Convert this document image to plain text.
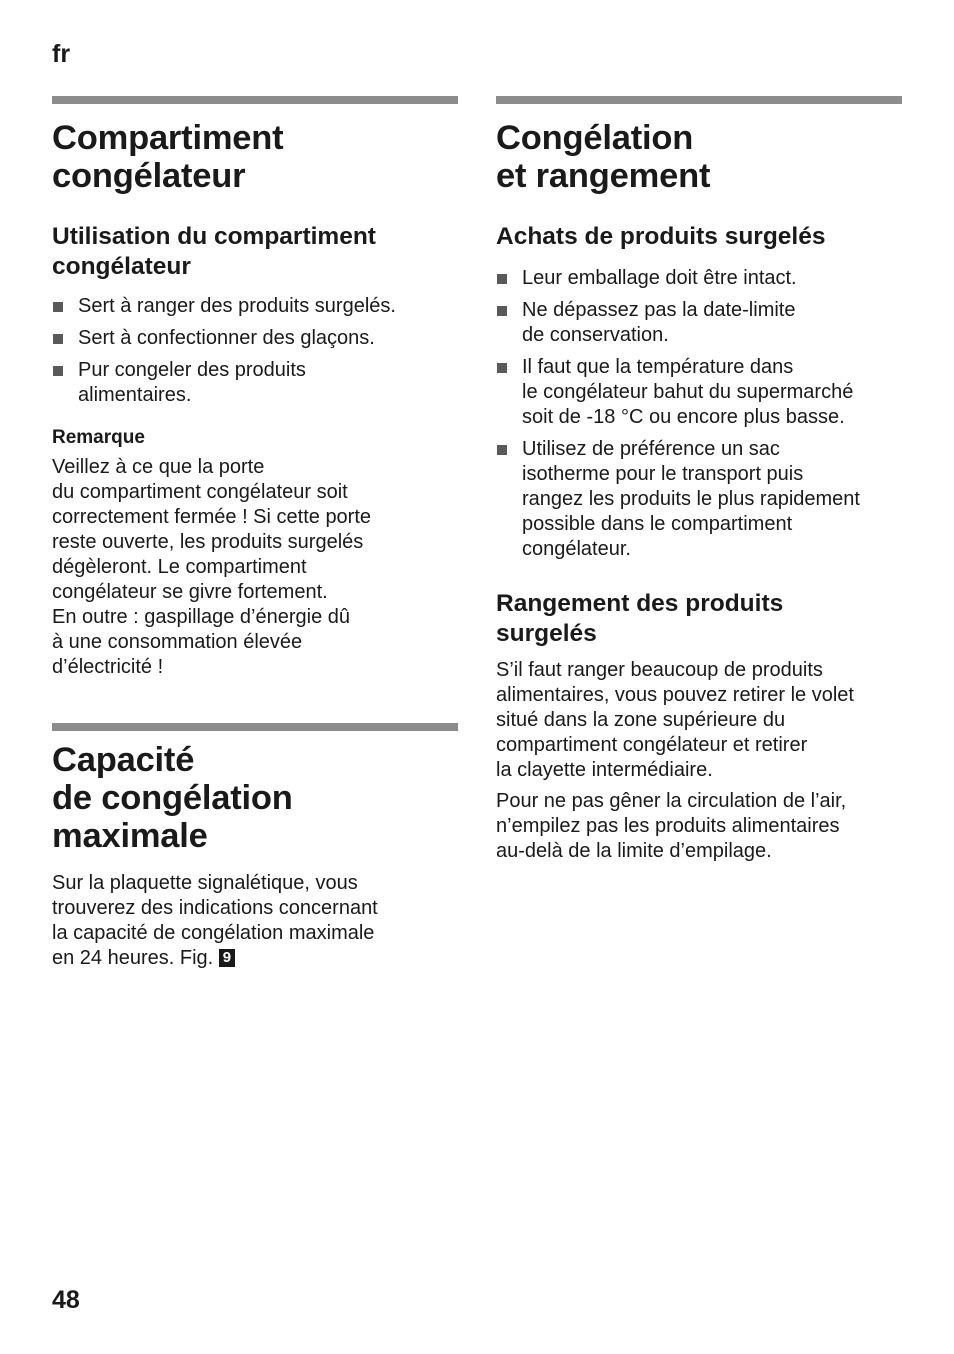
fr
Compartiment
congélateur
Utilisation du compartiment
congélateur
Sert à ranger des produits surgelés.
Sert à confectionner des glaçons.
Pur congeler des produits
alimentaires.
Remarque

Veillez à ce que la porte
du compartiment congélateur soit
correctement fermée ! Si cette porte
reste ouverte, les produits surgelés
dégèleront. Le compartiment
congélateur se givre fortement.
En outre : gaspillage d’énergie dû
à une consommation élevée
d’électricité !

Capacité
de congélation
maximale

Sur la plaquette signalétique, vous
trouverez des indications concernant
la capacité de congélation maximale
en 24 heures. Fig. 9

Congélation
et rangement
Achats de produits surgelés
Leur emballage doit être intact.
Ne dépassez pas la date-limite
de conservation.
Il faut que la température dans
le congélateur bahut du supermarché
soit de -18 °C ou encore plus basse.
Utilisez de préférence un sac
isotherme pour le transport puis
rangez les produits le plus rapidement
possible dans le compartiment
congélateur.
Rangement des produits
surgelés

S’il faut ranger beaucoup de produits
alimentaires, vous pouvez retirer le volet
situé dans la zone supérieure du
compartiment congélateur et retirer
la clayette intermédiaire.

Pour ne pas gêner la circulation de l’air,
n’empilez pas les produits alimentaires
au-delà de la limite d’empilage.

48
